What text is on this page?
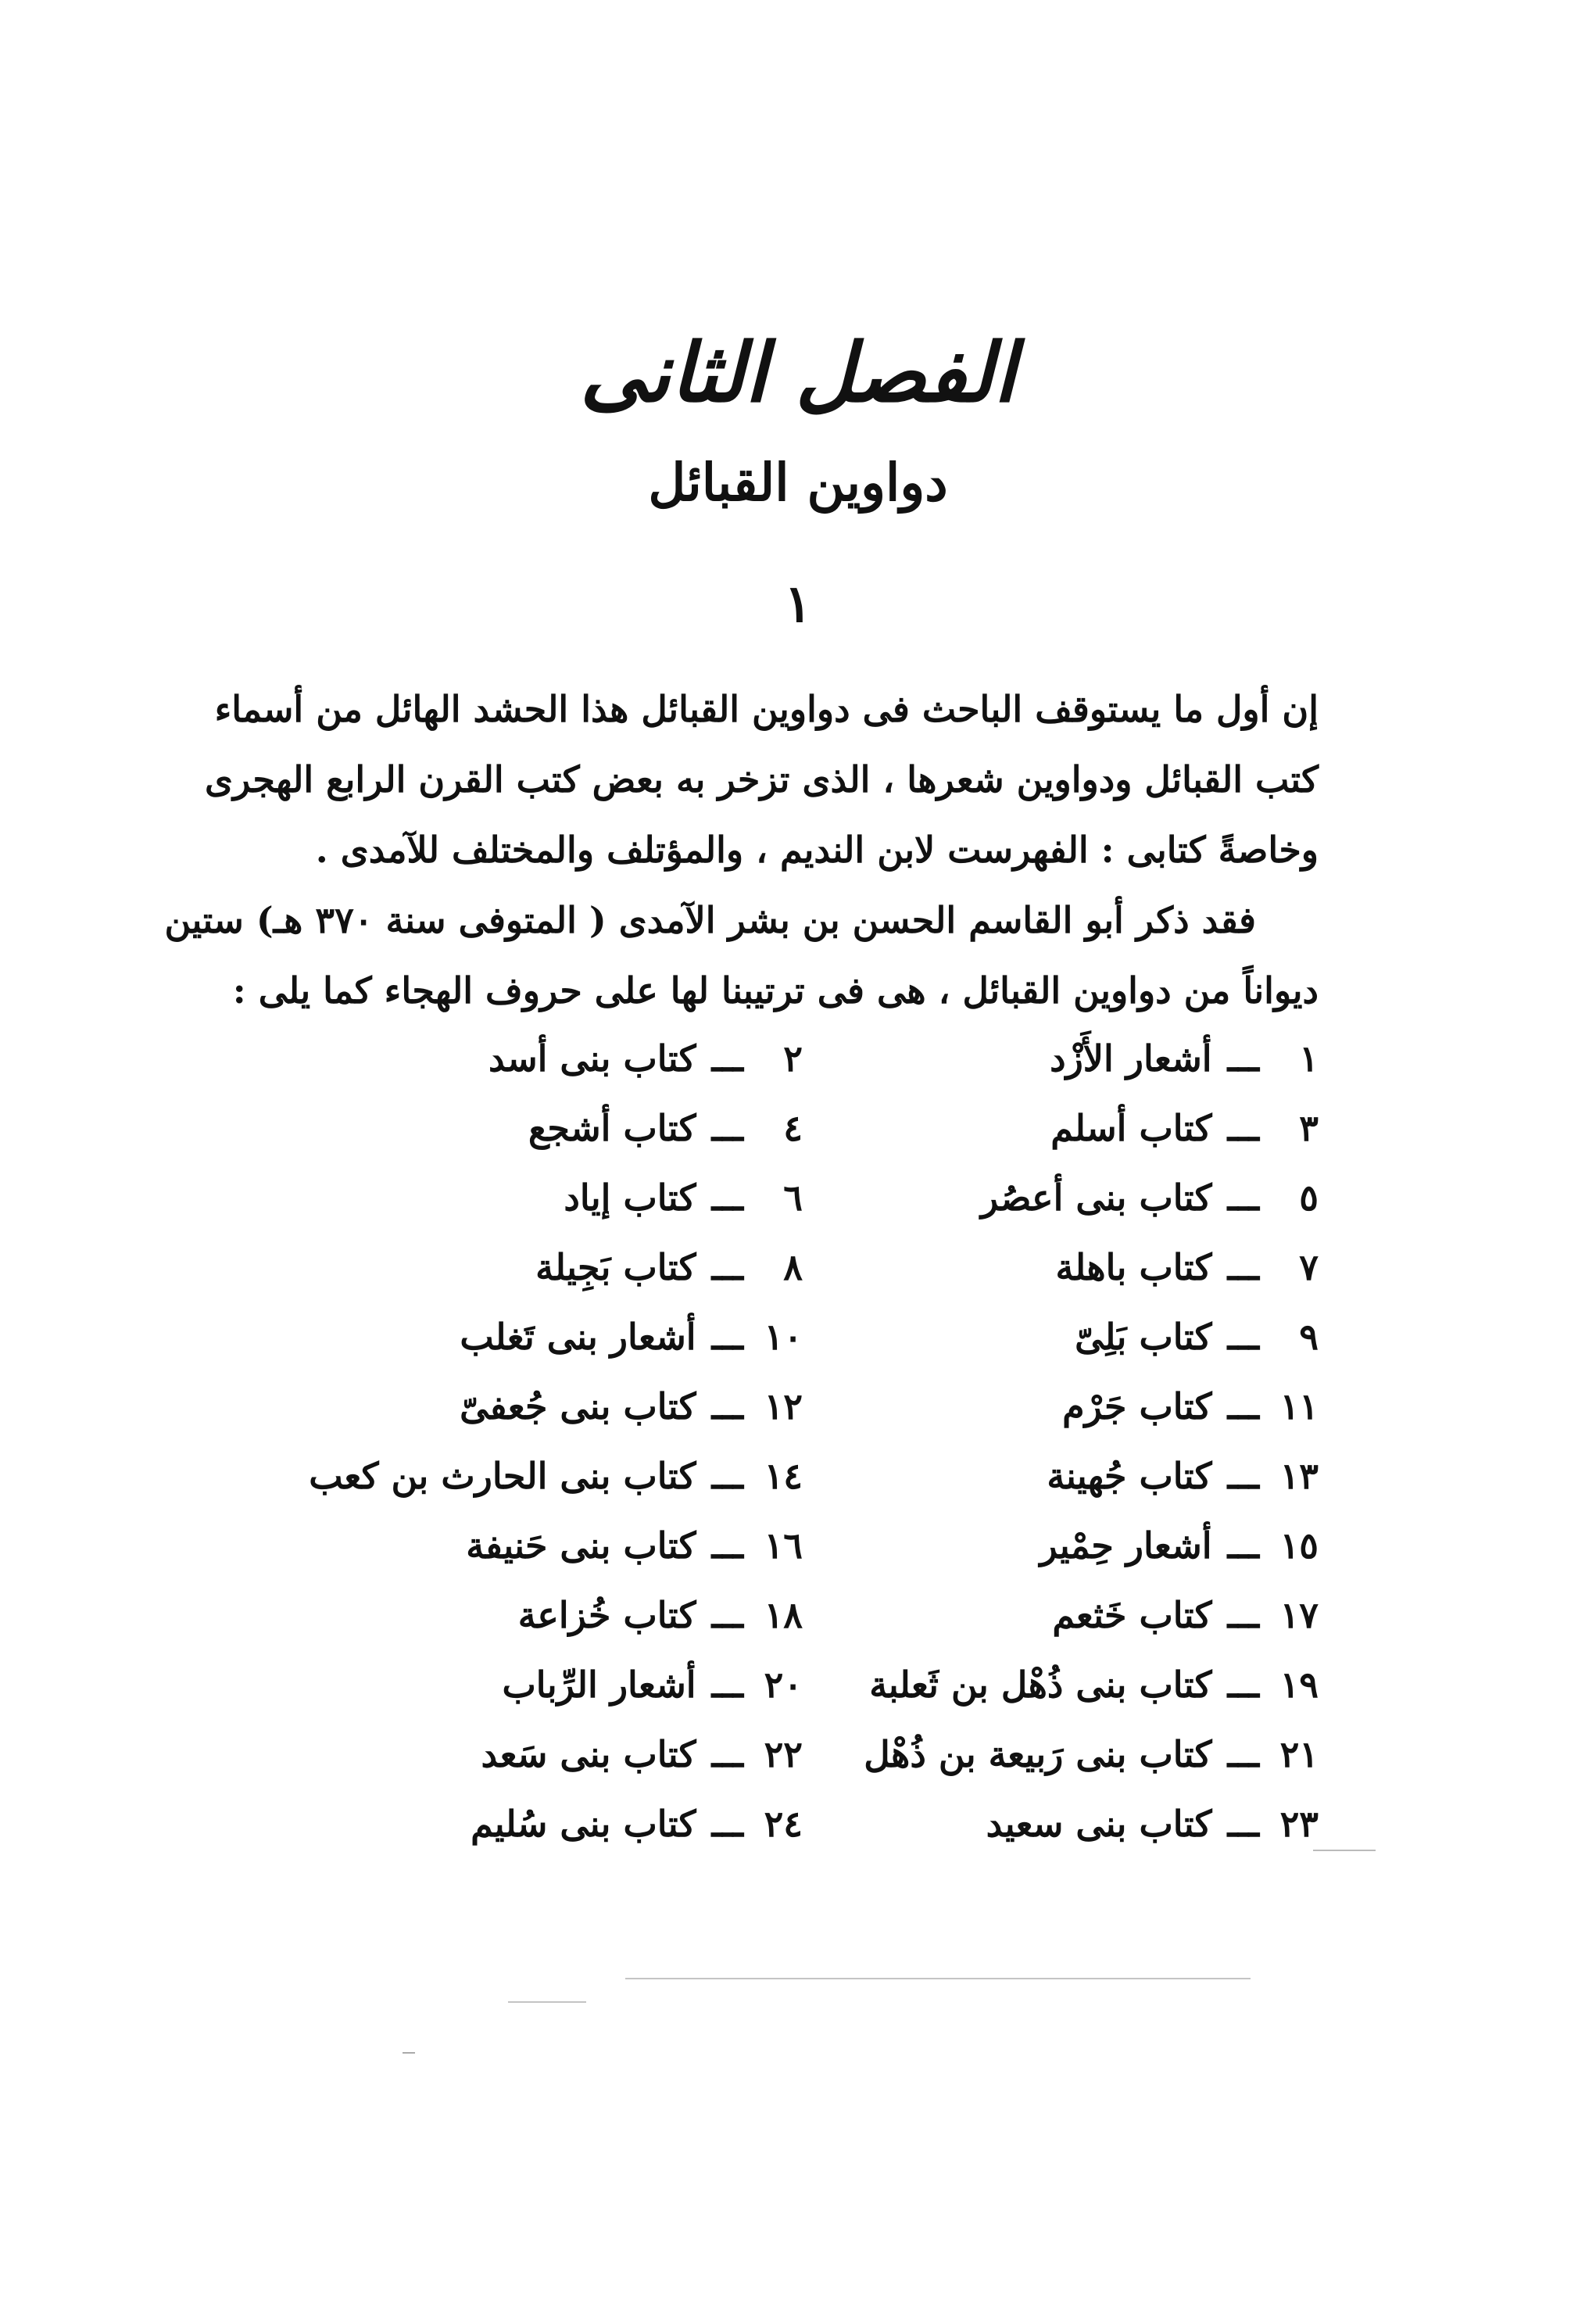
الفصل الثانى
دواوين القبائل
١
إن أول ما يستوقف الباحث فى دواوين القبائل هذا الحشد الهائل من أسماء
كتب القبائل ودواوين شعرها ، الذى تزخر به بعض كتب القرن الرابع الهجرى
وخاصةً كتابى : الفهرست لابن النديم ، والمؤتلف والمختلف للآمدى .
فقد ذكر أبو القاسم الحسن بن بشر الآمدى ( المتوفى سنة ٣٧٠ هـ) ستين
ديواناً من دواوين القبائل ، هى فى ترتيبنا لها على حروف الهجاء كما يلى :
١ـــأشعار الأَزْد
٢ـــكتاب بنى أسد
٣ـــكتاب أسلم
٤ـــكتاب أشجع
٥ـــكتاب بنى أعصُر
٦ـــكتاب إياد
٧ـــكتاب باهلة
٨ـــكتاب بَجِيلة
٩ـــكتاب بَلِىّ
١٠ـــأشعار بنى تَغلب
١١ـــكتاب جَرْم
١٢ـــكتاب بنى جُعفىّ
١٣ـــكتاب جُهينة
١٤ـــكتاب بنى الحارث بن كعب
١٥ـــأشعار حِمْير
١٦ـــكتاب بنى حَنيفة
١٧ـــكتاب خَثعم
١٨ـــكتاب خُزاعة
١٩ـــكتاب بنى ذُهْل بن ثَعلبة
٢٠ـــأشعار الرِّباب
٢١ـــكتاب بنى رَبيعة بن ذُهْل
٢٢ـــكتاب بنى سَعد
٢٣ـــكتاب بنى سعيد
٢٤ـــكتاب بنى سُليم
